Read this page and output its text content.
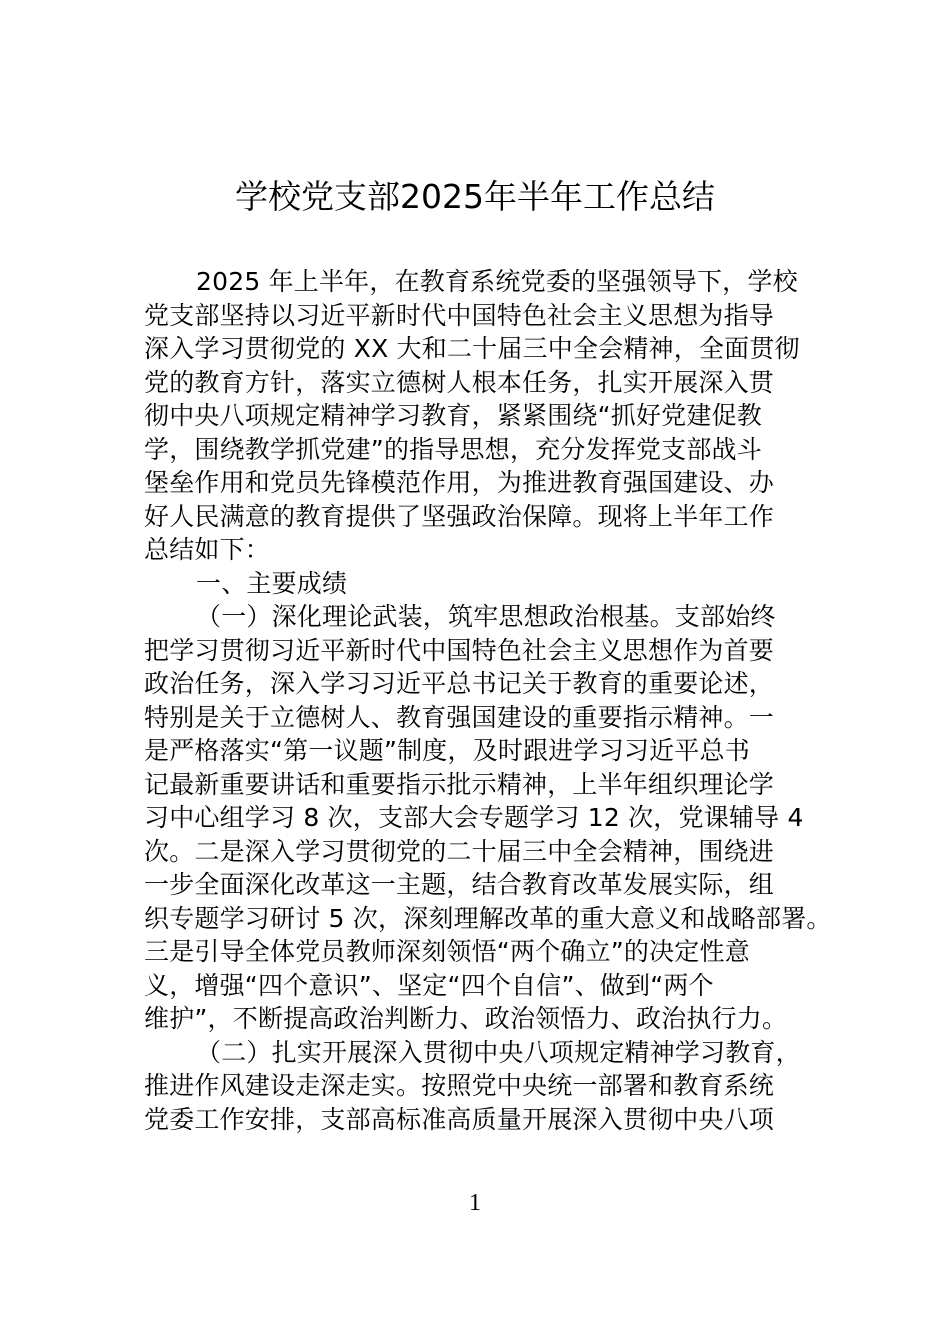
学校党支部2025年半年工作总结
2025 年上半年，在教育系统党委的坚强领导下，学校
党支部坚持以习近平新时代中国特色社会主义思想为指导
深入学习贯彻党的 XX 大和二十届三中全会精神，全面贯彻
党的教育方针，落实立德树人根本任务，扎实开展深入贯
彻中央八项规定精神学习教育，紧紧围绕“抓好党建促教
学，围绕教学抓党建”的指导思想，充分发挥党支部战斗
堡垒作用和党员先锋模范作用，为推进教育强国建设、办
好人民满意的教育提供了坚强政治保障。现将上半年工作
总结如下：
一、主要成绩
（一）深化理论武装，筑牢思想政治根基。支部始终
把学习贯彻习近平新时代中国特色社会主义思想作为首要
政治任务，深入学习习近平总书记关于教育的重要论述，
特别是关于立德树人、教育强国建设的重要指示精神。一
是严格落实“第一议题”制度，及时跟进学习习近平总书
记最新重要讲话和重要指示批示精神，上半年组织理论学
习中心组学习 8 次，支部大会专题学习 12 次，党课辅导 4
次。二是深入学习贯彻党的二十届三中全会精神，围绕进
一步全面深化改革这一主题，结合教育改革发展实际，组
织专题学习研讨 5 次，深刻理解改革的重大意义和战略部署。
三是引导全体党员教师深刻领悟“两个确立”的决定性意
义，增强“四个意识”、坚定“四个自信”、做到“两个
维护”，不断提高政治判断力、政治领悟力、政治执行力。
（二）扎实开展深入贯彻中央八项规定精神学习教育，
推进作风建设走深走实。按照党中央统一部署和教育系统
党委工作安排，支部高标准高质量开展深入贯彻中央八项
1
